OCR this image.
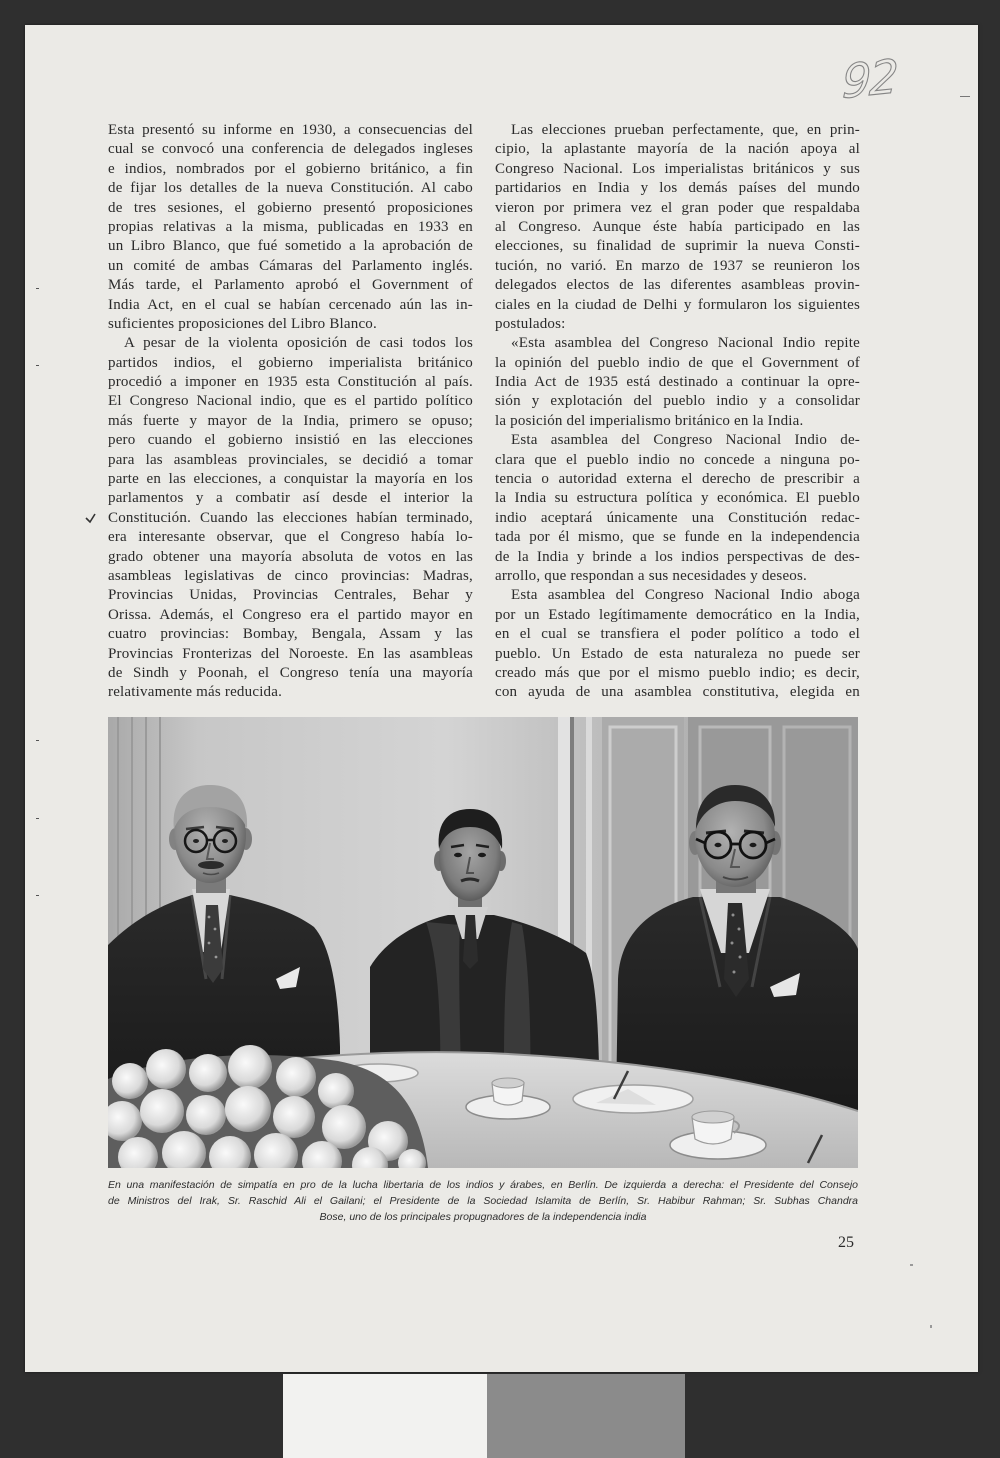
92
Esta presentó su informe en 1930, a consecuencias del
cual se convocó una conferencia de delegados ingleses
e indios, nombrados por el gobierno británico, a fin
de fijar los detalles de la nueva Constitución. Al cabo
de tres sesiones, el gobierno presentó proposiciones
propias relativas a la misma, publicadas en 1933 en
un Libro Blanco, que fué sometido a la aprobación de
un comité de ambas Cámaras del Parlamento inglés.
Más tarde, el Parlamento aprobó el Government of
India Act, en el cual se habían cercenado aún las in-
suficientes proposiciones del Libro Blanco.
A pesar de la violenta oposición de casi todos los
partidos indios, el gobierno imperialista británico
procedió a imponer en 1935 esta Constitución al país.
El Congreso Nacional indio, que es el partido político
más fuerte y mayor de la India, primero se opuso;
pero cuando el gobierno insistió en las elecciones
para las asambleas provinciales, se decidió a tomar
parte en las elecciones, a conquistar la mayoría en los
parlamentos y a combatir así desde el interior la
Constitución. Cuando las elecciones habían terminado,
era interesante observar, que el Congreso había lo-
grado obtener una mayoría absoluta de votos en las
asambleas legislativas de cinco provincias: Madras,
Provincias Unidas, Provincias Centrales, Behar y
Orissa. Además, el Congreso era el partido mayor en
cuatro provincias: Bombay, Bengala, Assam y las
Provincias Fronterizas del Noroeste. En las asambleas
de Sindh y Poonah, el Congreso tenía una mayoría
relativamente más reducida.
Las elecciones prueban perfectamente, que, en prin-
cipio, la aplastante mayoría de la nación apoya al
Congreso Nacional. Los imperialistas británicos y sus
partidarios en India y los demás países del mundo
vieron por primera vez el gran poder que respaldaba
al Congreso. Aunque éste había participado en las
elecciones, su finalidad de suprimir la nueva Consti-
tución, no varió. En marzo de 1937 se reunieron los
delegados electos de las diferentes asambleas provin-
ciales en la ciudad de Delhi y formularon los siguientes
postulados:
«Esta asamblea del Congreso Nacional Indio repite
la opinión del pueblo indio de que el Government of
India Act de 1935 está destinado a continuar la opre-
sión y explotación del pueblo indio y a consolidar
la posición del imperialismo británico en la India.
Esta asamblea del Congreso Nacional Indio de-
clara que el pueblo indio no concede a ninguna po-
tencia o autoridad externa el derecho de prescribir a
la India su estructura política y económica. El pueblo
indio aceptará únicamente una Constitución redac-
tada por él mismo, que se funde en la independencia
de la India y brinde a los indios perspectivas de des-
arrollo, que respondan a sus necesidades y deseos.
Esta asamblea del Congreso Nacional Indio aboga
por un Estado legítimamente democrático en la India,
en el cual se transfiera el poder político a todo el
pueblo. Un Estado de esta naturaleza no puede ser
creado más que por el mismo pueblo indio; es decir,
con ayuda de una asamblea constitutiva, elegida en
En una manifestación de simpatía en pro de la lucha libertaria de los indios y árabes, en Berlín. De izquierda a derecha: el Presidente del Consejo
de Ministros del Irak, Sr. Raschid Ali el Gailani; el Presidente de la Sociedad Islamita de Berlín, Sr. Habibur Rahman; Sr. Subhas Chandra
Bose, uno de los principales propugnadores de la independencia india
25
